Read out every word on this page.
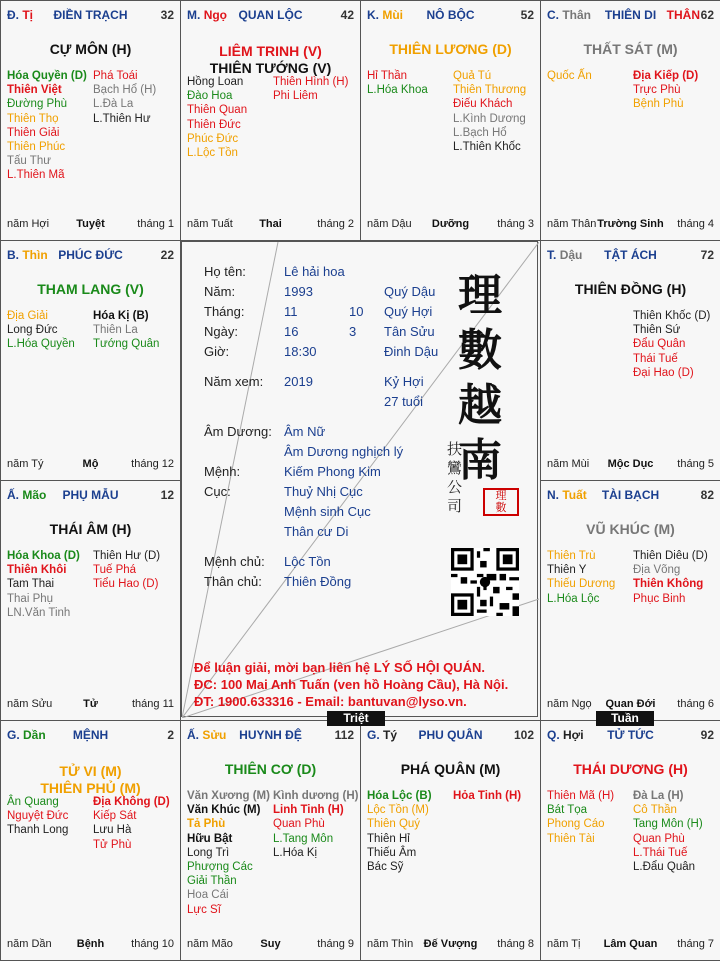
Đ. Tị	ĐIỀN TRẠCH	32
CỰ MÔN (H)
Hóa Quyền (D)
Thiên Việt
Đường Phù
Thiên Thọ
Thiên Giải
Thiên Phúc
Tấu Thư
L.Thiên Mã
Phá Toái
Bạch Hổ (H)
L.Đà La
L.Thiên Hư
năm Hợi	Tuyệt	tháng 1
M. Ngọ QUAN LỘC	42
LIÊM TRINH (V)
THIÊN TƯỚNG (V)
Hồng Loan
Đào Hoa
Thiên Quan
Thiên Đức
Phúc Đức
L.Lộc Tồn
Thiên Hình (H)
Phi Liêm
năm Tuất	Thai	tháng 2
K. Mùi	NÔ BỘC	52
THIÊN LƯƠNG (D)
Hỉ Thần
L.Hóa Khoa
Quả Tú
Thiên Thương
Điếu Khách
L.Kình Dương
L.Bạch Hổ
L.Thiên Khốc
năm Dậu	Dưỡng	tháng 3
C. Thân	THIÊN DI THÂN 62
THẤT SÁT (M)
Quốc Ấn	Địa Kiếp (D)
Trực Phù
Bệnh Phù
năm Thân Trường Sinh	tháng 4
T. Dậu	TẬT ÁCH	72
THIÊN ĐỒNG (H)
Thiên Khốc (D)
Thiên Sứ
Đẩu Quân
Thái Tuế
Đại Hao (D)
năm Mùi	Mộc Dục	tháng 5
N. Tuất	TÀI BẠCH	82
VŨ KHÚC (M)
Thiên Trù
Thiên Y
Thiếu Dương
L.Hóa Lộc
Thiên Diêu (D)
Địa Võng
Thiên Không
Phục Binh
năm Ngọ	Quan Đới	tháng 6
Q. Hợi	TỬ TỨC	92
THÁI DƯƠNG (H)
Thiên Mã (H)
Bát Tọa
Phong Cáo
Thiên Tài
Đà La (H)
Cô Thần
Tang Môn (H)
Quan Phù
L.Thái Tuế
L.Đẩu Quân
năm Tị	Lâm Quan	tháng 7
G. Tý	PHU QUÂN	102
PHÁ QUÂN (M)
Hóa Lộc (B)
Lộc Tồn (M)
Thiên Quý
Thiên Hỉ
Thiếu Âm
Bác Sỹ
Hỏa Tinh (H)
năm Thìn Đế Vượng	tháng 8
Ấ. Sửu	HUYNH ĐỆ	112
THIÊN CƠ (D)
Văn Xương (M)
Văn Khúc (M)
Tả Phù
Hữu Bật
Long Trì
Phượng Các
Giải Thần
Hoa Cái
Lực Sĩ
Kình dương (H)
Linh Tinh (H)
Quan Phù
L.Tang Môn
L.Hóa Kị
năm Mão	Suy	tháng 9
G. Dần	MỆNH	2
TỬ VI (M)
THIÊN PHỦ (M)
Ân Quang
Nguyệt Đức
Thanh Long
Địa Không (D)
Kiếp Sát
Lưu Hà
Tử Phù
năm Dần	Bệnh	tháng 10
Ấ. Mão	PHỤ MẪU	12
THÁI ÂM (H)
Hóa Khoa (D)
Thiên Khôi
Tam Thai
Thai Phụ
LN.Văn Tinh
Thiên Hư (D)
Tuế Phá
Tiểu Hao (D)
năm Sửu	Tử	tháng 11
B. Thìn PHÚC ĐỨC	22
THAM LANG (V)
Địa Giải
Long Đức
L.Hóa Quyền
Hóa Kị (B)
Thiên La
Tướng Quân
năm Tý	Mộ	tháng 12
Họ tên:	Lê hải hoa
Năm:	1993	Quý Dậu
Tháng:	11	10 Quý Hợi
Ngày:	16	3 Tân Sửu
Giờ:	18:30	Đinh Dậu
Năm xem: 2019	Kỷ Hợi
27 tuổi
Âm Dương: Âm Nữ
Âm Dương nghịch lý
Mệnh:	Kiếm Phong Kim
Cục:	Thuỷ Nhị Cục
Mệnh sinh Cục
Thân cư Di
Mệnh chủ: Lộc Tồn
Thân chủ: Thiên Đồng
Để luận giải, mời bạn liên hệ LÝ SỐ HỘI QUÁN.
ĐC: 100 Mai Anh Tuấn (ven hồ Hoàng Cầu), Hà Nội.
ĐT: 1900.633316 - Email: bantuvan@lyso.vn.
理
數
越
南
扶
鸞
公
司
理
數
Triệt	Tuần
